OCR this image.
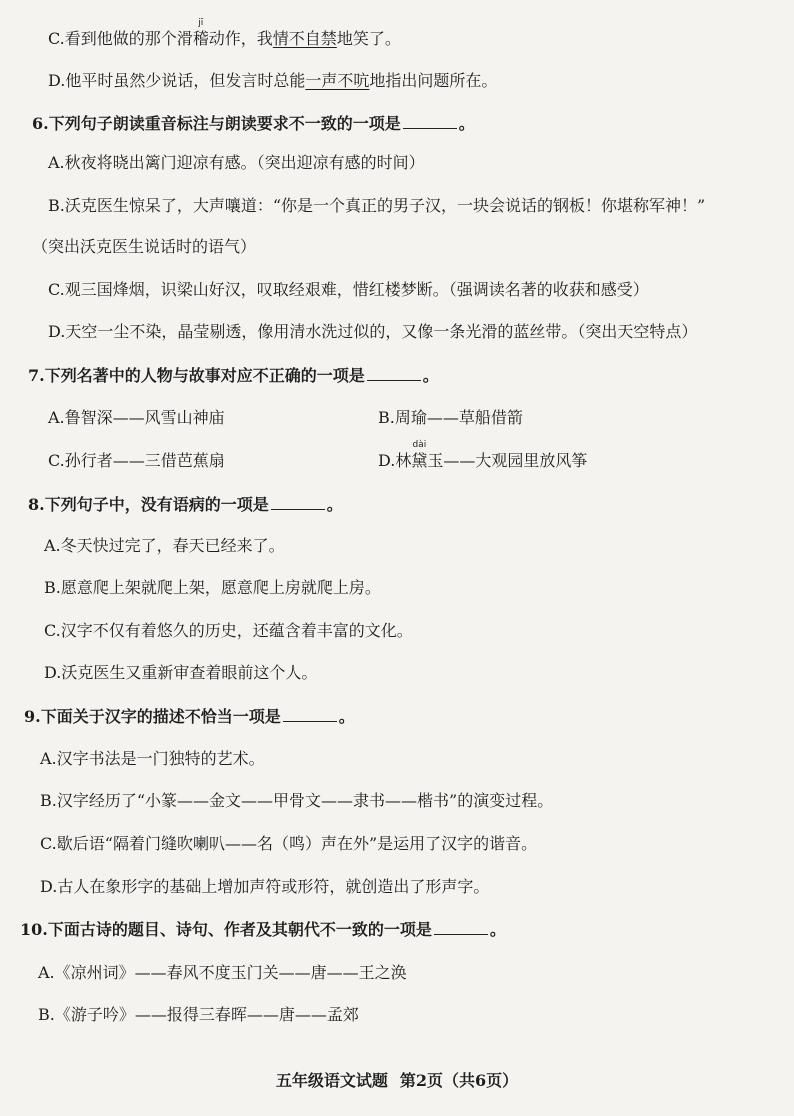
C.看到他做的那个滑
jī
稽动作，我情不自禁地笑了。
D.他平时虽然少说话，但发言时总能一声不吭地指出问题所在。
6.下列句子朗读重音标注与朗读要求不一致的一项是	。
A.秋夜将晓出篱门迎凉有感。（突出迎凉有感的时间）
B.沃克医生惊呆了，大声嚷道：“你是一个真正的男子汉，一块会说话的钢板！你堪称军神！”
（突出沃克医生说话时的语气）
C.观三国烽烟，识梁山好汉，叹取经艰难，惜红楼梦断。（强调读名著的收获和感受）
D.天空一尘不染，晶莹剔透，像用清水洗过似的，又像一条光滑的蓝丝带。（突出天空特点）
7.下列名著中的人物与故事对应不正确的一项是	。
A.鲁智深——风雪山神庙	B.周瑜——草船借箭
C.孙行者——三借芭蕉扇	D.林
dài
黛玉——大观园里放风筝
8.下列句子中，没有语病的一项是	。
A.冬天快过完了，春天已经来了。
B.愿意爬上架就爬上架，愿意爬上房就爬上房。
C.汉字不仅有着悠久的历史，还蕴含着丰富的文化。
D.沃克医生又重新审查着眼前这个人。
9.下面关于汉字的描述不恰当一项是	。
A.汉字书法是一门独特的艺术。
B.汉字经历了“小篆——金文——甲骨文——隶书——楷书”的演变过程。
C.歇后语“隔着门缝吹喇叭——名（鸣）声在外”是运用了汉字的谐音。
D.古人在象形字的基础上增加声符或形符，就创造出了形声字。
10.下面古诗的题目、诗句、作者及其朝代不一致的一项是	。
A.《凉州词》——春风不度玉门关——唐——王之涣
B.《游子吟》——报得三春晖——唐——孟郊
五年级语文试题 第2页（共6页）
